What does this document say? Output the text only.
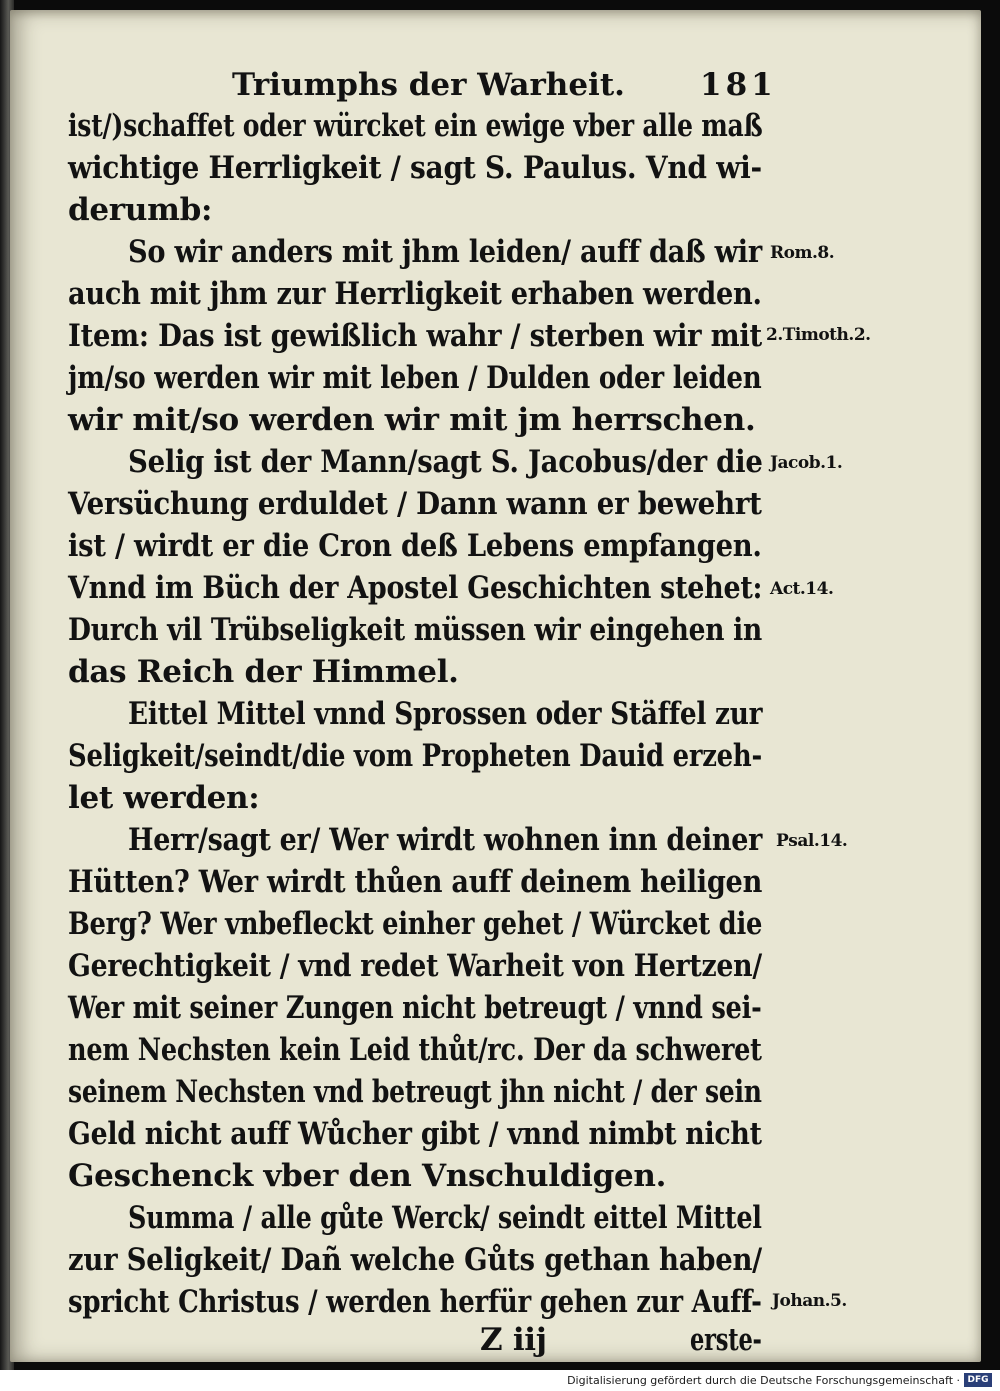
Triumphs der Warheit. 181
ist/)schaffet oder würcket ein ewige vber alle maß
wichtige Herrligkeit / sagt S. Paulus. Vnd wi-
derumb:
So wir anders mit jhm leiden/ auff daß wir
auch mit jhm zur Herrligkeit erhaben werden.
Item: Das ist gewißlich wahr / sterben wir mit
jm/so werden wir mit leben / Dulden oder leiden
wir mit/so werden wir mit jm herrschen.
Selig ist der Mann/sagt S. Jacobus/der die
Versüchung erduldet / Dann wann er bewehrt
ist / wirdt er die Cron deß Lebens empfangen.
Vnnd im Büch der Apostel Geschichten stehet:
Durch vil Trübseligkeit müssen wir eingehen in
das Reich der Himmel.
Eittel Mittel vnnd Sprossen oder Stäffel zur
Seligkeit/seindt/die vom Propheten Dauid erzeh-
let werden:
Herr/sagt er/ Wer wirdt wohnen inn deiner
Hütten? Wer wirdt thůen auff deinem heiligen
Berg? Wer vnbefleckt einher gehet / Würcket die
Gerechtigkeit / vnd redet Warheit von Hertzen/
Wer mit seiner Zungen nicht betreugt / vnnd sei-
nem Nechsten kein Leid thůt/rc. Der da schweret
seinem Nechsten vnd betreugt jhn nicht / der sein
Geld nicht auff Wůcher gibt / vnnd nimbt nicht
Geschenck vber den Vnschuldigen.
Summa / alle gůte Werck/ seindt eittel Mittel
zur Seligkeit/ Dañ welche Gůts gethan haben/
spricht Christus / werden herfür gehen zur Auff-
Z iij	erste-
Rom.8.
2.Timoth.2.
Jacob.1.
Act.14.
Psal.14.
Johan.5.
Digitalisierung gefördert durch die Deutsche Forschungsgemeinschaft · DFG
